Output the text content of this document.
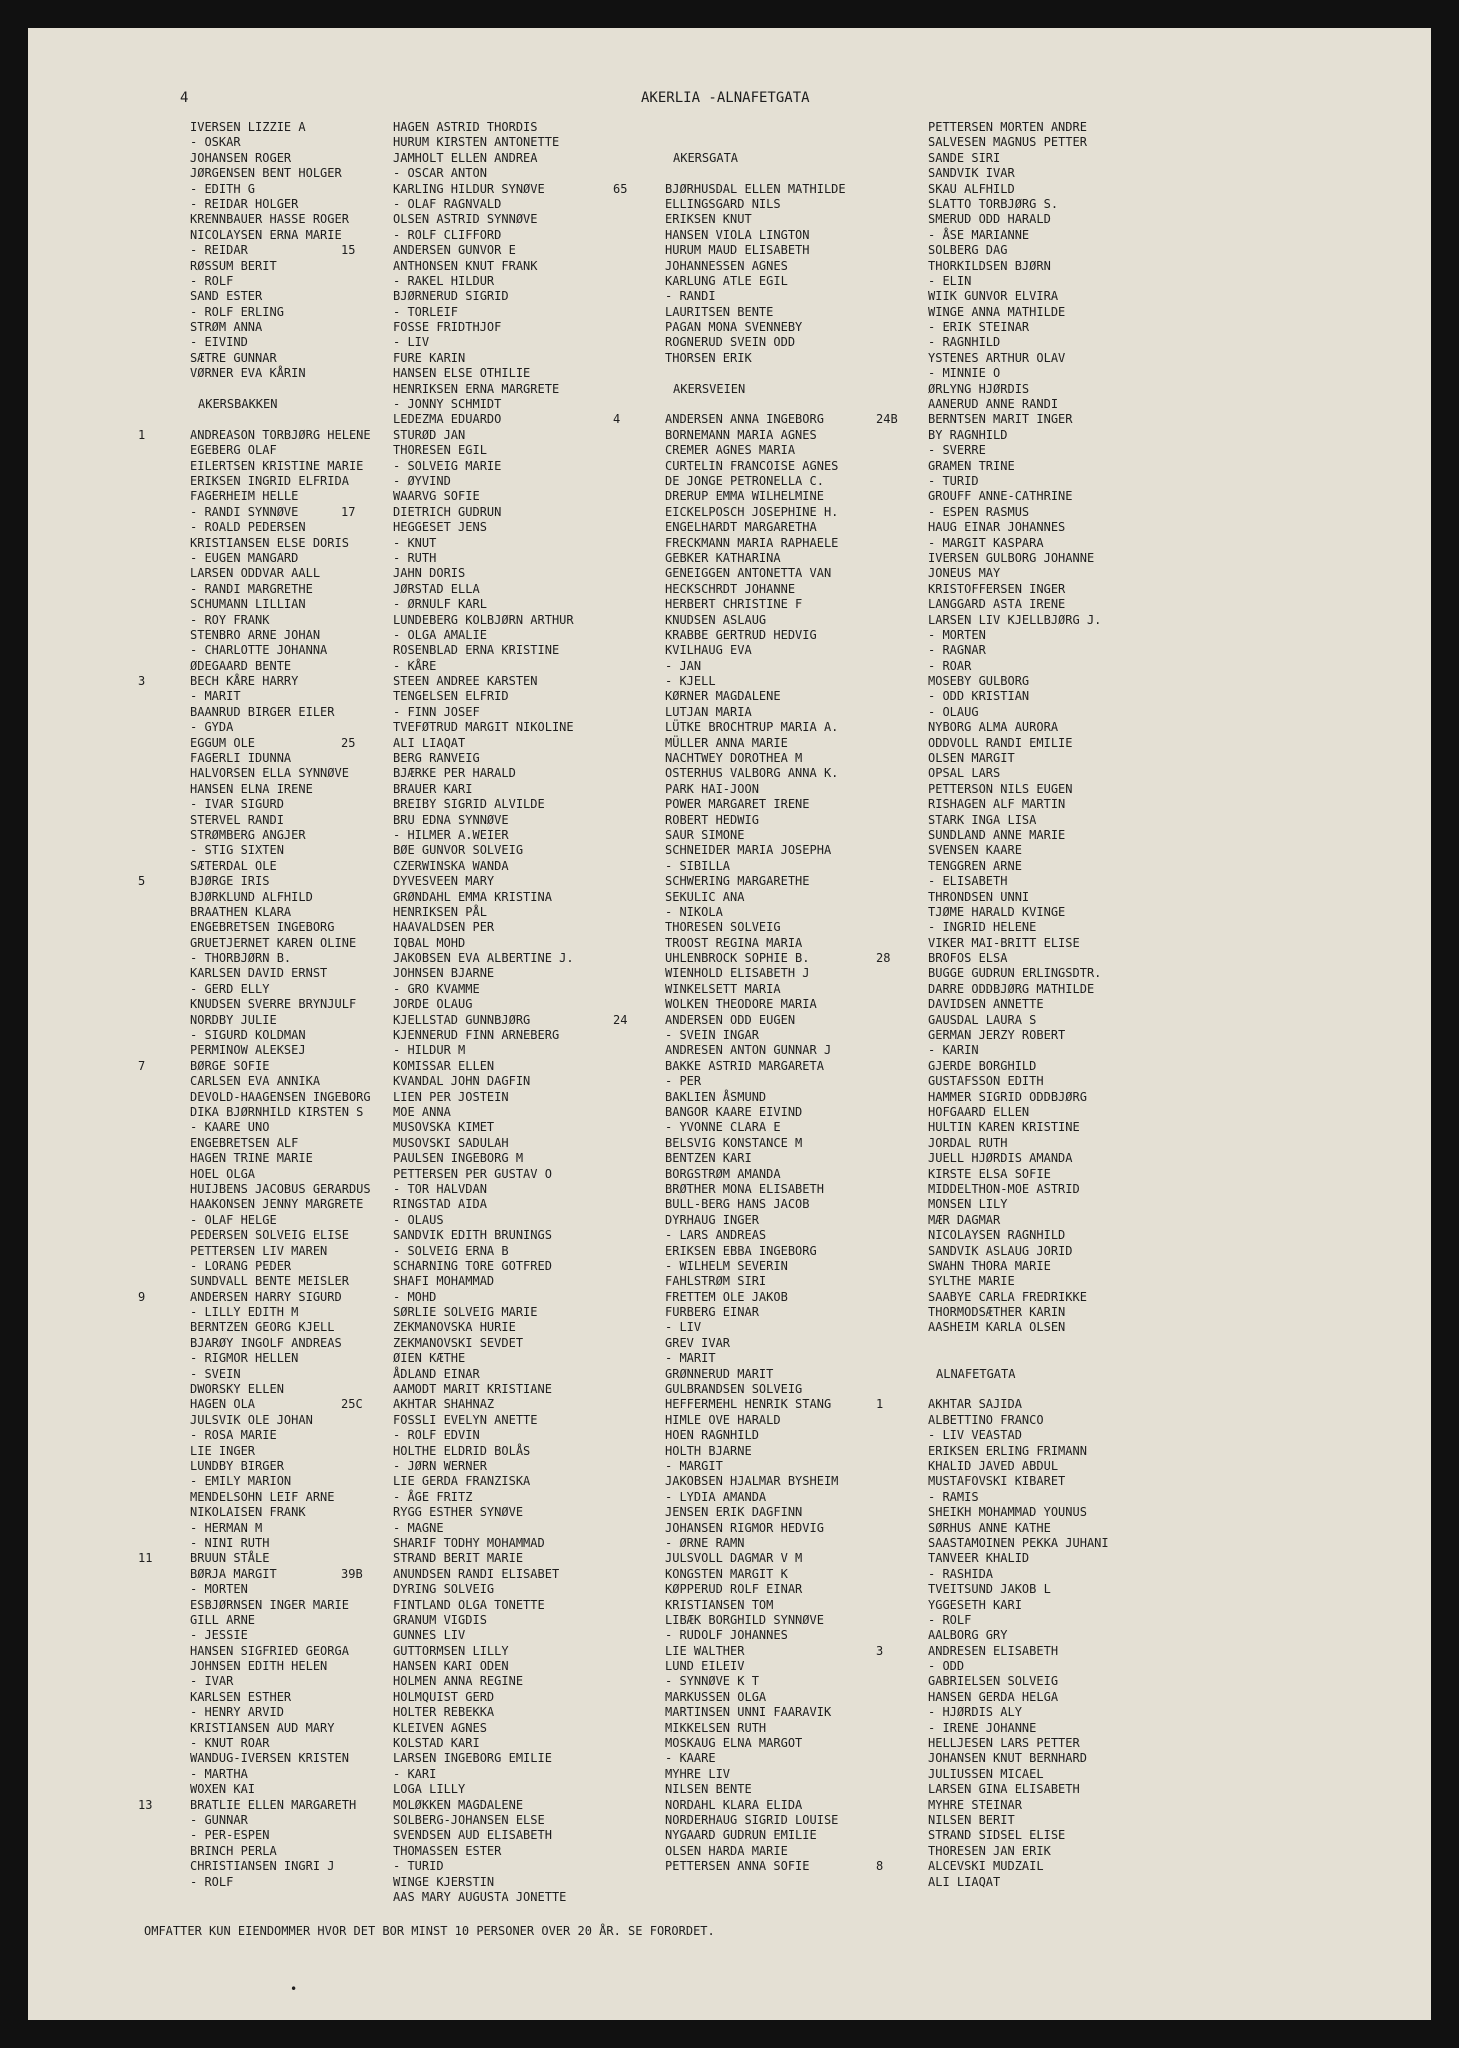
4	AKERLIA -ALNAFETGATA
IVERSEN LIZZIE A
- OSKAR
JOHANSEN ROGER
JØRGENSEN BENT HOLGER
- EDITH G
- REIDAR HOLGER
KRENNBAUER HASSE ROGER
NICOLAYSEN ERNA MARIE
- REIDAR
RØSSUM BERIT
- ROLF
SAND ESTER
- ROLF ERLING
STRØM ANNA
- EIVIND
SÆTRE GUNNAR
VØRNER EVA KÅRIN
AKERSBAKKEN
1	ANDREASON TORBJØRG HELENE
EGEBERG OLAF
EILERTSEN KRISTINE MARIE
ERIKSEN INGRID ELFRIDA
FAGERHEIM HELLE
- RANDI SYNNØVE
- ROALD PEDERSEN
KRISTIANSEN ELSE DORIS
- EUGEN MANGARD
LARSEN ODDVAR AALL
- RANDI MARGRETHE
SCHUMANN LILLIAN
- ROY FRANK
STENBRO ARNE JOHAN
- CHARLOTTE JOHANNA
ØDEGAARD BENTE
3	BECH KÅRE HARRY
- MARIT
BAANRUD BIRGER EILER
- GYDA
EGGUM OLE
FAGERLI IDUNNA
HALVORSEN ELLA SYNNØVE
HANSEN ELNA IRENE
- IVAR SIGURD
STERVEL RANDI
STRØMBERG ANGJER
- STIG SIXTEN
SÆTERDAL OLE
5	BJØRGE IRIS
BJØRKLUND ALFHILD
BRAATHEN KLARA
ENGEBRETSEN INGEBORG
GRUETJERNET KAREN OLINE
- THORBJØRN B.
KARLSEN DAVID ERNST
- GERD ELLY
KNUDSEN SVERRE BRYNJULF
NORDBY JULIE
- SIGURD KOLDMAN
PERMINOW ALEKSEJ
7	BØRGE SOFIE
CARLSEN EVA ANNIKA
DEVOLD-HAAGENSEN INGEBORG
DIKA BJØRNHILD KIRSTEN S
- KAARE UNO
ENGEBRETSEN ALF
HAGEN TRINE MARIE
HOEL OLGA
HUIJBENS JACOBUS GERARDUS
HAAKONSEN JENNY MARGRETE
- OLAF HELGE
PEDERSEN SOLVEIG ELISE
PETTERSEN LIV MAREN
- LORANG PEDER
SUNDVALL BENTE MEISLER
9	ANDERSEN HARRY SIGURD
- LILLY EDITH M
BERNTZEN GEORG KJELL
BJARØY INGOLF ANDREAS
- RIGMOR HELLEN
- SVEIN
DWORSKY ELLEN
HAGEN OLA
JULSVIK OLE JOHAN
- ROSA MARIE
LIE INGER
LUNDBY BIRGER
- EMILY MARION
MENDELSOHN LEIF ARNE
NIKOLAISEN FRANK
- HERMAN M
- NINI RUTH
11	BRUUN STÅLE
BØRJA MARGIT
- MORTEN
ESBJØRNSEN INGER MARIE
GILL ARNE
- JESSIE
HANSEN SIGFRIED GEORGA
JOHNSEN EDITH HELEN
- IVAR
KARLSEN ESTHER
- HENRY ARVID
KRISTIANSEN AUD MARY
- KNUT ROAR
WANDUG-IVERSEN KRISTEN
- MARTHA
WOXEN KAI
13	BRATLIE ELLEN MARGARETH
- GUNNAR
- PER-ESPEN
BRINCH PERLA
CHRISTIANSEN INGRI J
- ROLF
HAGEN ASTRID THORDIS
HURUM KIRSTEN ANTONETTE
JAMHOLT ELLEN ANDREA
- OSCAR ANTON
KARLING HILDUR SYNØVE
- OLAF RAGNVALD
OLSEN ASTRID SYNNØVE
- ROLF CLIFFORD
15	ANDERSEN GUNVOR E
ANTHONSEN KNUT FRANK
- RAKEL HILDUR
BJØRNERUD SIGRID
- TORLEIF
FOSSE FRIDTHJOF
- LIV
FURE KARIN
HANSEN ELSE OTHILIE
HENRIKSEN ERNA MARGRETE
- JONNY SCHMIDT
LEDEZMA EDUARDO
STURØD JAN
THORESEN EGIL
- SOLVEIG MARIE
- ØYVIND
WAARVG SOFIE
17	DIETRICH GUDRUN
HEGGESET JENS
- KNUT
- RUTH
JAHN DORIS
JØRSTAD ELLA
- ØRNULF KARL
LUNDEBERG KOLBJØRN ARTHUR
- OLGA AMALIE
ROSENBLAD ERNA KRISTINE
- KÅRE
STEEN ANDREE KARSTEN
TENGELSEN ELFRID
- FINN JOSEF
TVEFØTRUD MARGIT NIKOLINE
25	ALI LIAQAT
BERG RANVEIG
BJÆRKE PER HARALD
BRAUER KARI
BREIBY SIGRID ALVILDE
BRU EDNA SYNNØVE
- HILMER A.WEIER
BØE GUNVOR SOLVEIG
CZERWINSKA WANDA
DYVESVEEN MARY
GRØNDAHL EMMA KRISTINA
HENRIKSEN PÅL
HAAVALDSEN PER
IQBAL MOHD
JAKOBSEN EVA ALBERTINE J.
JOHNSEN BJARNE
- GRO KVAMME
JORDE OLAUG
KJELLSTAD GUNNBJØRG
KJENNERUD FINN ARNEBERG
- HILDUR M
KOMISSAR ELLEN
KVANDAL JOHN DAGFIN
LIEN PER JOSTEIN
MOE ANNA
MUSOVSKA KIMET
MUSOVSKI SADULAH
PAULSEN INGEBORG M
PETTERSEN PER GUSTAV O
- TOR HALVDAN
RINGSTAD AIDA
- OLAUS
SANDVIK EDITH BRUNINGS
- SOLVEIG ERNA B
SCHARNING TORE GOTFRED
SHAFI MOHAMMAD
- MOHD
SØRLIE SOLVEIG MARIE
ZEKMANOVSKA HURIE
ZEKMANOVSKI SEVDET
ØIEN KÆTHE
ÅDLAND EINAR
AAMODT MARIT KRISTIANE
25C	AKHTAR SHAHNAZ
FOSSLI EVELYN ANETTE
- ROLF EDVIN
HOLTHE ELDRID BOLÅS
- JØRN WERNER
LIE GERDA FRANZISKA
- ÅGE FRITZ
RYGG ESTHER SYNØVE
- MAGNE
SHARIF TODHY MOHAMMAD
STRAND BERIT MARIE
39B	ANUNDSEN RANDI ELISABET
DYRING SOLVEIG
FINTLAND OLGA TONETTE
GRANUM VIGDIS
GUNNES LIV
GUTTORMSEN LILLY
HANSEN KARI ODEN
HOLMEN ANNA REGINE
HOLMQUIST GERD
HOLTER REBEKKA
KLEIVEN AGNES
KOLSTAD KARI
LARSEN INGEBORG EMILIE
- KARI
LOGA LILLY
MOLØKKEN MAGDALENE
SOLBERG-JOHANSEN ELSE
SVENDSEN AUD ELISABETH
THOMASSEN ESTER
- TURID
WINGE KJERSTIN
AAS MARY AUGUSTA JONETTE
AKERSGATA
65	BJØRHUSDAL ELLEN MATHILDE
ELLINGSGARD NILS
ERIKSEN KNUT
HANSEN VIOLA LINGTON
HURUM MAUD ELISABETH
JOHANNESSEN AGNES
KARLUNG ATLE EGIL
- RANDI
LAURITSEN BENTE
PAGAN MONA SVENNEBY
ROGNERUD SVEIN ODD
THORSEN ERIK
AKERSVEIEN
4	ANDERSEN ANNA INGEBORG
BORNEMANN MARIA AGNES
CREMER AGNES MARIA
CURTELIN FRANCOISE AGNES
DE JONGE PETRONELLA C.
DRERUP EMMA WILHELMINE
EICKELPOSCH JOSEPHINE H.
ENGELHARDT MARGARETHA
FRECKMANN MARIA RAPHAELE
GEBKER KATHARINA
GENEIGGEN ANTONETTA VAN
HECKSCHRDT JOHANNE
HERBERT CHRISTINE F
KNUDSEN ASLAUG
KRABBE GERTRUD HEDVIG
KVILHAUG EVA
- JAN
- KJELL
KØRNER MAGDALENE
LUTJAN MARIA
LÜTKE BROCHTRUP MARIA A.
MÜLLER ANNA MARIE
NACHTWEY DOROTHEA M
OSTERHUS VALBORG ANNA K.
PARK HAI-JOON
POWER MARGARET IRENE
ROBERT HEDWIG
SAUR SIMONE
SCHNEIDER MARIA JOSEPHA
- SIBILLA
SCHWERING MARGARETHE
SEKULIC ANA
- NIKOLA
THORESEN SOLVEIG
TROOST REGINA MARIA
UHLENBROCK SOPHIE B.
WIENHOLD ELISABETH J
WINKELSETT MARIA
WOLKEN THEODORE MARIA
24	ANDERSEN ODD EUGEN
- SVEIN INGAR
ANDRESEN ANTON GUNNAR J
BAKKE ASTRID MARGARETA
- PER
BAKLIEN ÅSMUND
BANGOR KAARE EIVIND
- YVONNE CLARA E
BELSVIG KONSTANCE M
BENTZEN KARI
BORGSTRØM AMANDA
BRØTHER MONA ELISABETH
BULL-BERG HANS JACOB
DYRHAUG INGER
- LARS ANDREAS
ERIKSEN EBBA INGEBORG
- WILHELM SEVERIN
FAHLSTRØM SIRI
FRETTEM OLE JAKOB
FURBERG EINAR
- LIV
GREV IVAR
- MARIT
GRØNNERUD MARIT
GULBRANDSEN SOLVEIG
HEFFERMEHL HENRIK STANG
HIMLE OVE HARALD
HOEN RAGNHILD
HOLTH BJARNE
- MARGIT
JAKOBSEN HJALMAR BYSHEIM
- LYDIA AMANDA
JENSEN ERIK DAGFINN
JOHANSEN RIGMOR HEDVIG
- ØRNE RAMN
JULSVOLL DAGMAR V M
KONGSTEN MARGIT K
KØPPERUD ROLF EINAR
KRISTIANSEN TOM
LIBÆK BORGHILD SYNNØVE
- RUDOLF JOHANNES
LIE WALTHER
LUND EILEIV
- SYNNØVE K T
MARKUSSEN OLGA
MARTINSEN UNNI FAARAVIK
MIKKELSEN RUTH
MOSKAUG ELNA MARGOT
- KAARE
MYHRE LIV
NILSEN BENTE
NORDAHL KLARA ELIDA
NORDERHAUG SIGRID LOUISE
NYGAARD GUDRUN EMILIE
OLSEN HARDA MARIE
PETTERSEN ANNA SOFIE
PETTERSEN MORTEN ANDRE
SALVESEN MAGNUS PETTER
SANDE SIRI
SANDVIK IVAR
SKAU ALFHILD
SLATTO TORBJØRG S.
SMERUD ODD HARALD
- ÅSE MARIANNE
SOLBERG DAG
THORKILDSEN BJØRN
- ELIN
WIIK GUNVOR ELVIRA
WINGE ANNA MATHILDE
- ERIK STEINAR
- RAGNHILD
YSTENES ARTHUR OLAV
- MINNIE O
ØRLYNG HJØRDIS
AANERUD ANNE RANDI
24B	BERNTSEN MARIT INGER
BY RAGNHILD
- SVERRE
GRAMEN TRINE
- TURID
GROUFF ANNE-CATHRINE
- ESPEN RASMUS
HAUG EINAR JOHANNES
- MARGIT KASPARA
IVERSEN GULBORG JOHANNE
JONEUS MAY
KRISTOFFERSEN INGER
LANGGARD ASTA IRENE
LARSEN LIV KJELLBJØRG J.
- MORTEN
- RAGNAR
- ROAR
MOSEBY GULBORG
- ODD KRISTIAN
- OLAUG
NYBORG ALMA AURORA
ODDVOLL RANDI EMILIE
OLSEN MARGIT
OPSAL LARS
PETTERSON NILS EUGEN
RISHAGEN ALF MARTIN
STARK INGA LISA
SUNDLAND ANNE MARIE
SVENSEN KAARE
TENGGREN ARNE
- ELISABETH
THRONDSEN UNNI
TJØME HARALD KVINGE
- INGRID HELENE
VIKER MAI-BRITT ELISE
28	BROFOS ELSA
BUGGE GUDRUN ERLINGSDTR.
DARRE ODDBJØRG MATHILDE
DAVIDSEN ANNETTE
GAUSDAL LAURA S
GERMAN JERZY ROBERT
- KARIN
GJERDE BORGHILD
GUSTAFSSON EDITH
HAMMER SIGRID ODDBJØRG
HOFGAARD ELLEN
HULTIN KAREN KRISTINE
JORDAL RUTH
JUELL HJØRDIS AMANDA
KIRSTE ELSA SOFIE
MIDDELTHON-MOE ASTRID
MONSEN LILY
MÆR DAGMAR
NICOLAYSEN RAGNHILD
SANDVIK ASLAUG JORID
SWAHN THORA MARIE
SYLTHE MARIE
SAABYE CARLA FREDRIKKE
THORMODSÆTHER KARIN
AASHEIM KARLA OLSEN
ALNAFETGATA
1	AKHTAR SAJIDA
ALBETTINO FRANCO
- LIV VEASTAD
ERIKSEN ERLING FRIMANN
KHALID JAVED ABDUL
MUSTAFOVSKI KIBARET
- RAMIS
SHEIKH MOHAMMAD YOUNUS
SØRHUS ANNE KATHE
SAASTAMOINEN PEKKA JUHANI
TANVEER KHALID
- RASHIDA
TVEITSUND JAKOB L
YGGESETH KARI
- ROLF
AALBORG GRY
3	ANDRESEN ELISABETH
- ODD
GABRIELSEN SOLVEIG
HANSEN GERDA HELGA
- HJØRDIS ALY
- IRENE JOHANNE
HELLJESEN LARS PETTER
JOHANSEN KNUT BERNHARD
JULIUSSEN MICAEL
LARSEN GINA ELISABETH
MYHRE STEINAR
NILSEN BERIT
STRAND SIDSEL ELISE
THORESEN JAN ERIK
8	ALCEVSKI MUDZAIL
ALI LIAQAT
OMFATTER KUN EIENDOMMER HVOR DET BOR MINST 10 PERSONER OVER 20 ÅR. SE FORORDET.
•
